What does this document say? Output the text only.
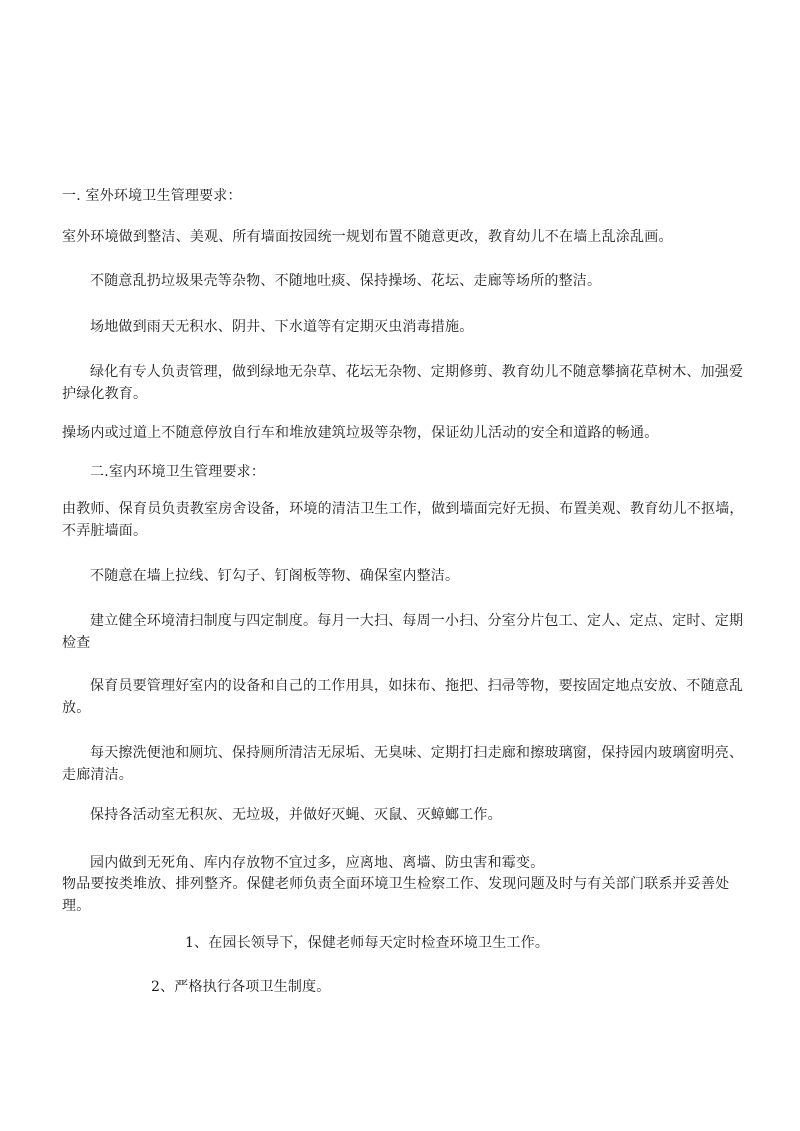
一. 室外环境卫生管理要求：

室外环境做到整洁、美观、所有墙面按园统一规划布置不随意更改，教育幼儿不在墙上乱涂乱画。

不随意乱扔垃圾果壳等杂物、不随地吐痰、保持操场、花坛、走廊等场所的整洁。

场地做到雨天无积水、阴井、下水道等有定期灭虫消毒措施。

绿化有专人负责管理，做到绿地无杂草、花坛无杂物、定期修剪、教育幼儿不随意攀摘花草树木、加强爱护绿化教育。

操场内或过道上不随意停放自行车和堆放建筑垃圾等杂物，保证幼儿活动的安全和道路的畅通。

二.室内环境卫生管理要求：

由教师、保育员负责教室房舍设备，环境的清洁卫生工作，做到墙面完好无损、布置美观、教育幼儿不抠墙，不弄脏墙面。

不随意在墙上拉线、钉勾子、钉阁板等物、确保室内整洁。

建立健全环境清扫制度与四定制度。每月一大扫、每周一小扫、分室分片包工、定人、定点、定时、定期检查

保育员要管理好室内的设备和自己的工作用具，如抹布、拖把、扫帚等物，要按固定地点安放、不随意乱放。

每天擦洗便池和厕坑、保持厕所清洁无尿垢、无臭味、定期打扫走廊和擦玻璃窗，保持园内玻璃窗明亮、走廊清洁。

保持各活动室无积灰、无垃圾，并做好灭蝇、灭鼠、灭蟑螂工作。

园内做到无死角、库内存放物不宜过多，应离地、离墙、防虫害和霉变。

物品要按类堆放、排列整齐。保健老师负责全面环境卫生检察工作、发现问题及时与有关部门联系并妥善处理。

1、在园长领导下，保健老师每天定时检查环境卫生工作。

2、严格执行各项卫生制度。
